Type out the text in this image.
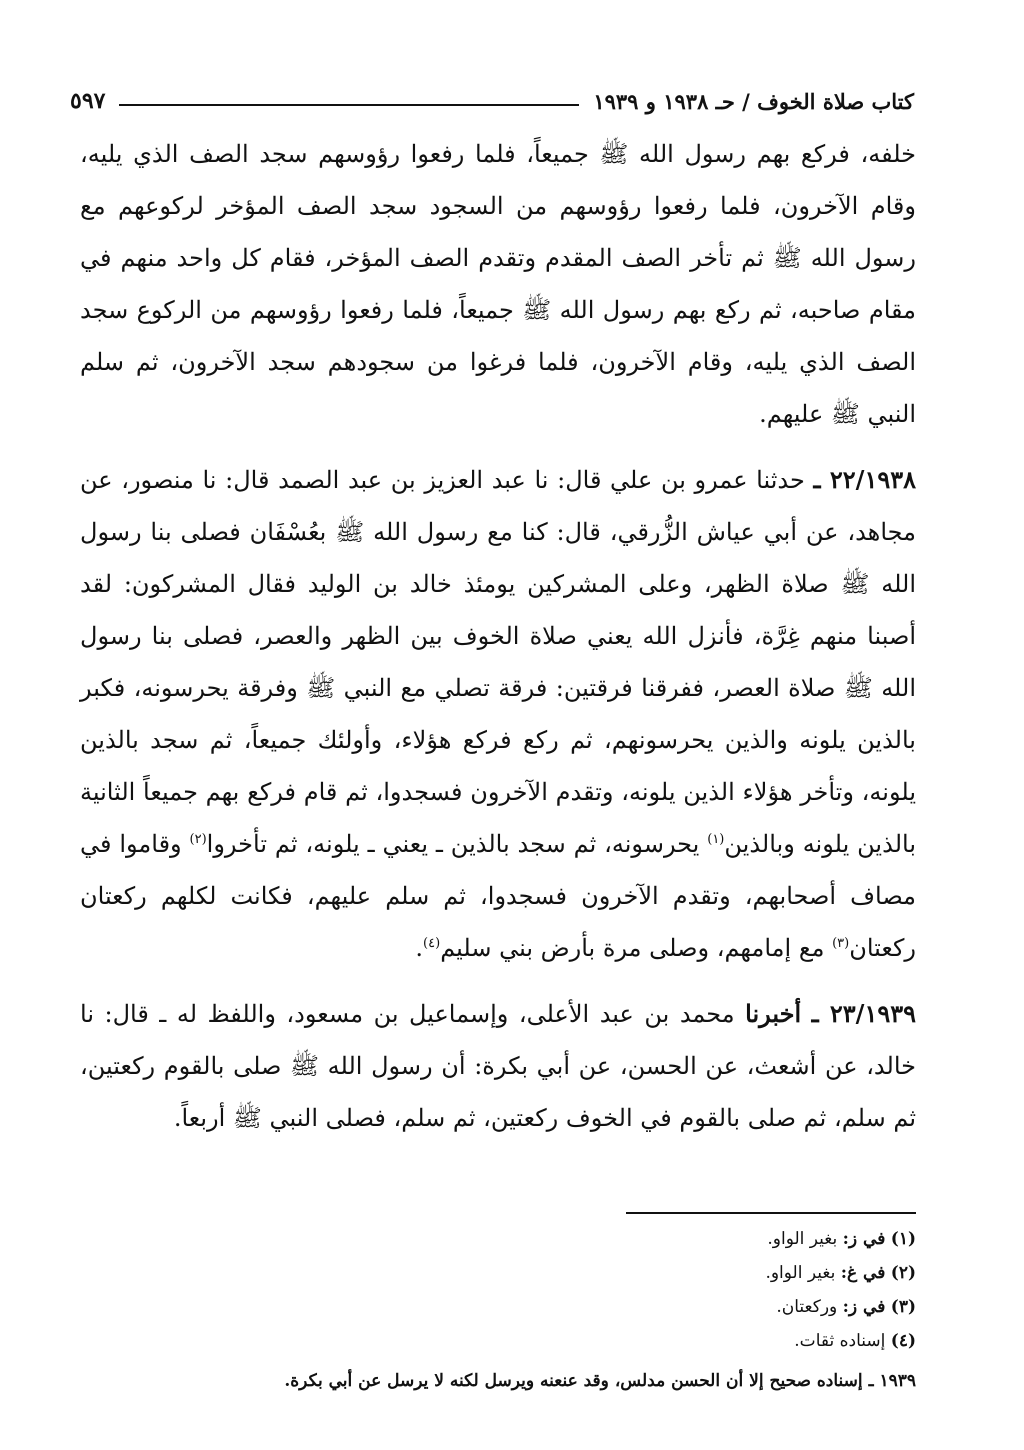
كتاب صلاة الخوف / حـ ١٩٣٨ و ١٩٣٩
٥٩٧

خلفه، فركع بهم رسول الله ﷺ جميعاً، فلما رفعوا رؤوسهم سجد الصف الذي يليه، وقام الآخرون، فلما رفعوا رؤوسهم من السجود سجد الصف المؤخر لركوعهم مع رسول الله ﷺ ثم تأخر الصف المقدم وتقدم الصف المؤخر، فقام كل واحد منهم في مقام صاحبه، ثم ركع بهم رسول الله ﷺ جميعاً، فلما رفعوا رؤوسهم من الركوع سجد الصف الذي يليه، وقام الآخرون، فلما فرغوا من سجودهم سجد الآخرون، ثم سلم النبي ﷺ عليهم.

٢٢/١٩٣٨ ـ حدثنا عمرو بن علي قال: نا عبد العزيز بن عبد الصمد قال: نا منصور، عن مجاهد، عن أبي عياش الزُّرقي، قال: كنا مع رسول الله ﷺ بعُسْفَان فصلى بنا رسول الله ﷺ صلاة الظهر، وعلى المشركين يومئذ خالد بن الوليد فقال المشركون: لقد أصبنا منهم غِرَّة، فأنزل الله يعني صلاة الخوف بين الظهر والعصر، فصلى بنا رسول الله ﷺ صلاة العصر، ففرقنا فرقتين: فرقة تصلي مع النبي ﷺ وفرقة يحرسونه، فكبر بالذين يلونه والذين يحرسونهم، ثم ركع فركع هؤلاء، وأولئك جميعاً، ثم سجد بالذين يلونه، وتأخر هؤلاء الذين يلونه، وتقدم الآخرون فسجدوا، ثم قام فركع بهم جميعاً الثانية بالذين يلونه وبالذين$^{(١)}$ يحرسونه، ثم سجد بالذين ـ يعني ـ يلونه، ثم تأخروا$^{(٢)}$ وقاموا في مصاف أصحابهم، وتقدم الآخرون فسجدوا، ثم سلم عليهم، فكانت لكلهم ركعتان ركعتان$^{(٣)}$ مع إمامهم، وصلى مرة بأرض بني سليم$^{(٤)}$.

٢٣/١٩٣٩ ـ أخبرنا محمد بن عبد الأعلى، وإسماعيل بن مسعود، واللفظ له ـ قال: نا خالد، عن أشعث، عن الحسن، عن أبي بكرة: أن رسول الله ﷺ صلى بالقوم ركعتين، ثم سلم، ثم صلى بالقوم في الخوف ركعتين، ثم سلم، فصلى النبي ﷺ أربعاً.

(١) في ز: بغير الواو.

(٢) في غ: بغير الواو.

(٣) في ز: وركعتان.

(٤) إسناده ثقات.

١٩٣٩ ـ إسناده صحيح إلا أن الحسن مدلس، وقد عنعنه ويرسل لكنه لا يرسل عن أبي بكرة.
